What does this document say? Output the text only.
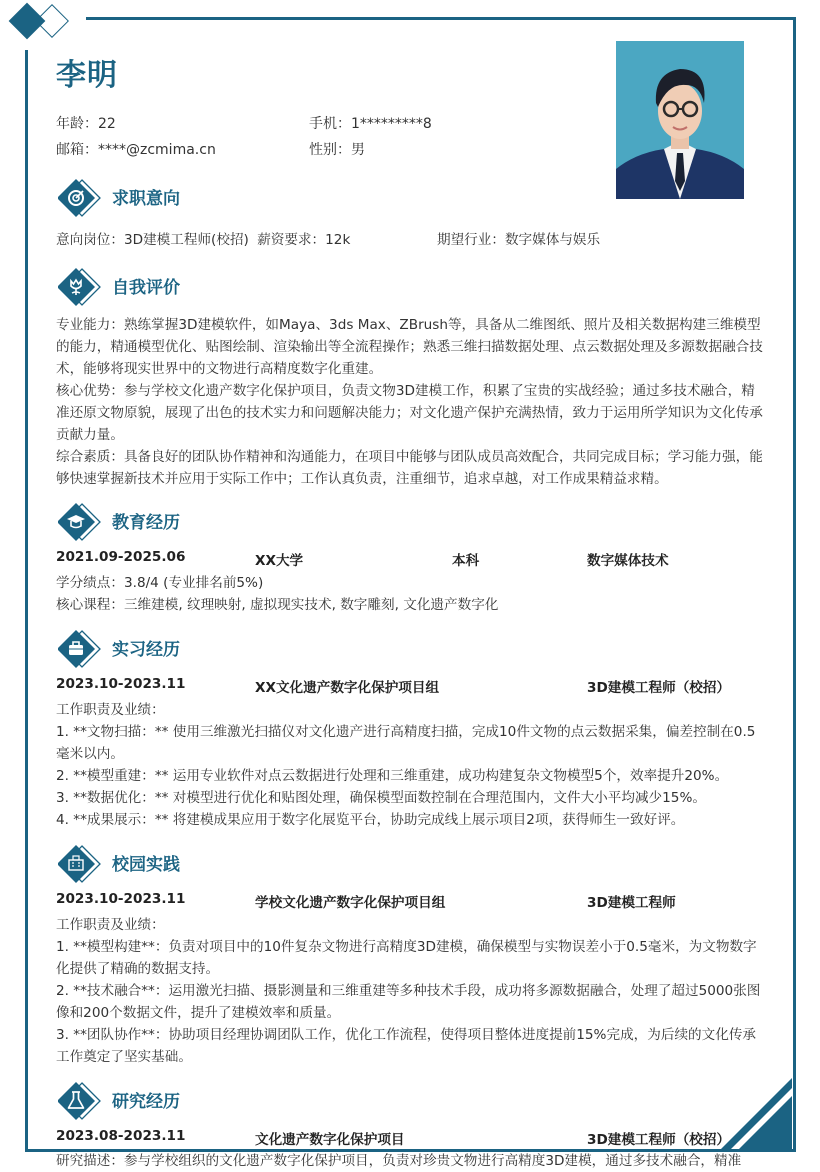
李明
年龄：22	手机：1*********8
邮箱：****@zcmima.cn	性别：男
求职意向
意向岗位：3D建模工程师(校招) 薪资要求：12k	期望行业：数字媒体与娱乐
自我评价

专业能力：熟练掌握3D建模软件，如Maya、3ds Max、ZBrush等，具备从二维图纸、照片及相关数据构建三维模型的能力，精通模型优化、贴图绘制、渲染输出等全流程操作；熟悉三维扫描数据处理、点云数据处理及多源数据融合技术，能够将现实世界中的文物进行高精度数字化重建。

核心优势：参与学校文化遗产数字化保护项目，负责文物3D建模工作，积累了宝贵的实战经验；通过多技术融合，精准还原文物原貌，展现了出色的技术实力和问题解决能力；对文化遗产保护充满热情，致力于运用所学知识为文化传承贡献力量。

综合素质：具备良好的团队协作精神和沟通能力，在项目中能够与团队成员高效配合，共同完成目标；学习能力强，能够快速掌握新技术并应用于实际工作中；工作认真负责，注重细节，追求卓越，对工作成果精益求精。

教育经历
2021.09-2025.06	XX大学	本科	数字媒体技术

学分绩点：3.8/4 (专业排名前5%)

核心课程：三维建模, 纹理映射, 虚拟现实技术, 数字雕刻, 文化遗产数字化

实习经历
2023.10-2023.11	XX文化遗产数字化保护项目组	3D建模工程师（校招）

工作职责及业绩：

1. **文物扫描：** 使用三维激光扫描仪对文化遗产进行高精度扫描，完成10件文物的点云数据采集，偏差控制在0.5毫米以内。

2. **模型重建：** 运用专业软件对点云数据进行处理和三维重建，成功构建复杂文物模型5个，效率提升20%。

3. **数据优化：** 对模型进行优化和贴图处理，确保模型面数控制在合理范围内，文件大小平均减少15%。

4. **成果展示：** 将建模成果应用于数字化展览平台，协助完成线上展示项目2项，获得师生一致好评。

校园实践
2023.10-2023.11	学校文化遗产数字化保护项目组	3D建模工程师

工作职责及业绩：

1. **模型构建**：负责对项目中的10件复杂文物进行高精度3D建模，确保模型与实物误差小于0.5毫米，为文物数字化提供了精确的数据支持。

2. **技术融合**：运用激光扫描、摄影测量和三维重建等多种技术手段，成功将多源数据融合，处理了超过5000张图像和200个数据文件，提升了建模效率和质量。

3. **团队协作**：协助项目经理协调团队工作，优化工作流程，使得项目整体进度提前15%完成，为后续的文化传承工作奠定了坚实基础。

研究经历
2023.08-2023.11	文化遗产数字化保护项目	3D建模工程师（校招）
研究描述：参与学校组织的文化遗产数字化保护项目，负责对珍贵文物进行高精度3D建模，通过多技术融合，精准
